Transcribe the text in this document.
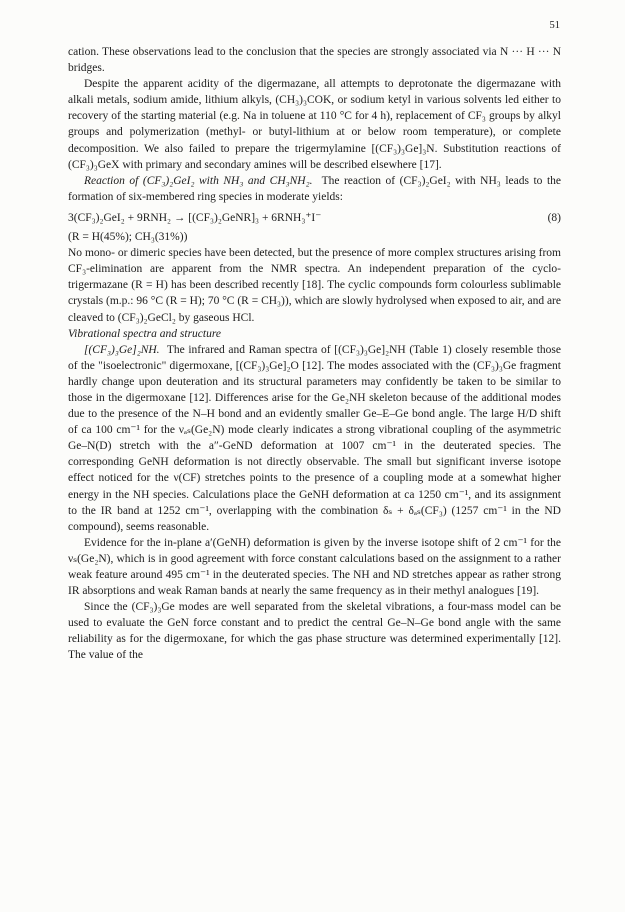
51

cation. These observations lead to the conclusion that the species are strongly associated via N ··· H ··· N bridges.

Despite the apparent acidity of the digermazane, all attempts to deprotonate the digermazane with alkali metals, sodium amide, lithium alkyls, (CH₃)₃COK, or sodium ketyl in various solvents led either to recovery of the starting material (e.g. Na in toluene at 110 °C for 4 h), replacement of CF₃ groups by alkyl groups and polymerization (methyl- or butyl-lithium at or below room temperature), or complete decomposition. We also failed to prepare the trigermylamine [(CF₃)₃Ge]₃N. Substitution reactions of (CF₃)₃GeX with primary and secondary amines will be described elsewhere [17].

Reaction of (CF₃)₂GeI₂ with NH₃ and CH₃NH₂. The reaction of (CF₃)₂GeI₂ with NH₃ leads to the formation of six-membered ring species in moderate yields:

3(CF₃)₂GeI₂ + 9RNH₂ → [(CF₃)₂GeNR]₃ + 6RNH₃⁺I⁻	(8)

(R = H(45%); CH₃(31%))

No mono- or dimeric species have been detected, but the presence of more complex structures arising from CF₃-elimination are apparent from the NMR spectra. An independent preparation of the cyclo-trigermazane (R = H) has been described recently [18]. The cyclic compounds form colourless sublimable crystals (m.p.: 96 °C (R = H); 70 °C (R = CH₃)), which are slowly hydrolysed when exposed to air, and are cleaved to (CF₃)₂GeCl₂ by gaseous HCl.

Vibrational spectra and structure

[(CF₃)₃Ge]₂NH. The infrared and Raman spectra of [(CF₃)₃Ge]₂NH (Table 1) closely resemble those of the "isoelectronic" digermoxane, [(CF₃)₃Ge]₂O [12]. The modes associated with the (CF₃)₃Ge fragment hardly change upon deuteration and its structural parameters may confidently be taken to be similar to those in the digermoxane [12]. Differences arise for the Ge₂NH skeleton because of the additional modes due to the presence of the N–H bond and an evidently smaller Ge–E–Ge bond angle. The large H/D shift of ca 100 cm⁻¹ for the νₐₛ(Ge₂N) mode clearly indicates a strong vibrational coupling of the asymmetric Ge–N(D) stretch with the a″-GeND deformation at 1007 cm⁻¹ in the deuterated species. The corresponding GeNH deformation is not directly observable. The small but significant inverse isotope effect noticed for the ν(CF) stretches points to the presence of a coupling mode at a somewhat higher energy in the NH species. Calculations place the GeNH deformation at ca 1250 cm⁻¹, and its assignment to the IR band at 1252 cm⁻¹, overlapping with the combination δₛ + δₐₛ(CF₃) (1257 cm⁻¹ in the ND compound), seems reasonable.

Evidence for the in-plane a′(GeNH) deformation is given by the inverse isotope shift of 2 cm⁻¹ for the νₛ(Ge₂N), which is in good agreement with force constant calculations based on the assignment to a rather weak feature around 495 cm⁻¹ in the deuterated species. The NH and ND stretches appear as rather strong IR absorptions and weak Raman bands at nearly the same frequency as in their methyl analogues [19].

Since the (CF₃)₃Ge modes are well separated from the skeletal vibrations, a four-mass model can be used to evaluate the GeN force constant and to predict the central Ge–N–Ge bond angle with the same reliability as for the digermoxane, for which the gas phase structure was determined experimentally [12]. The value of the
